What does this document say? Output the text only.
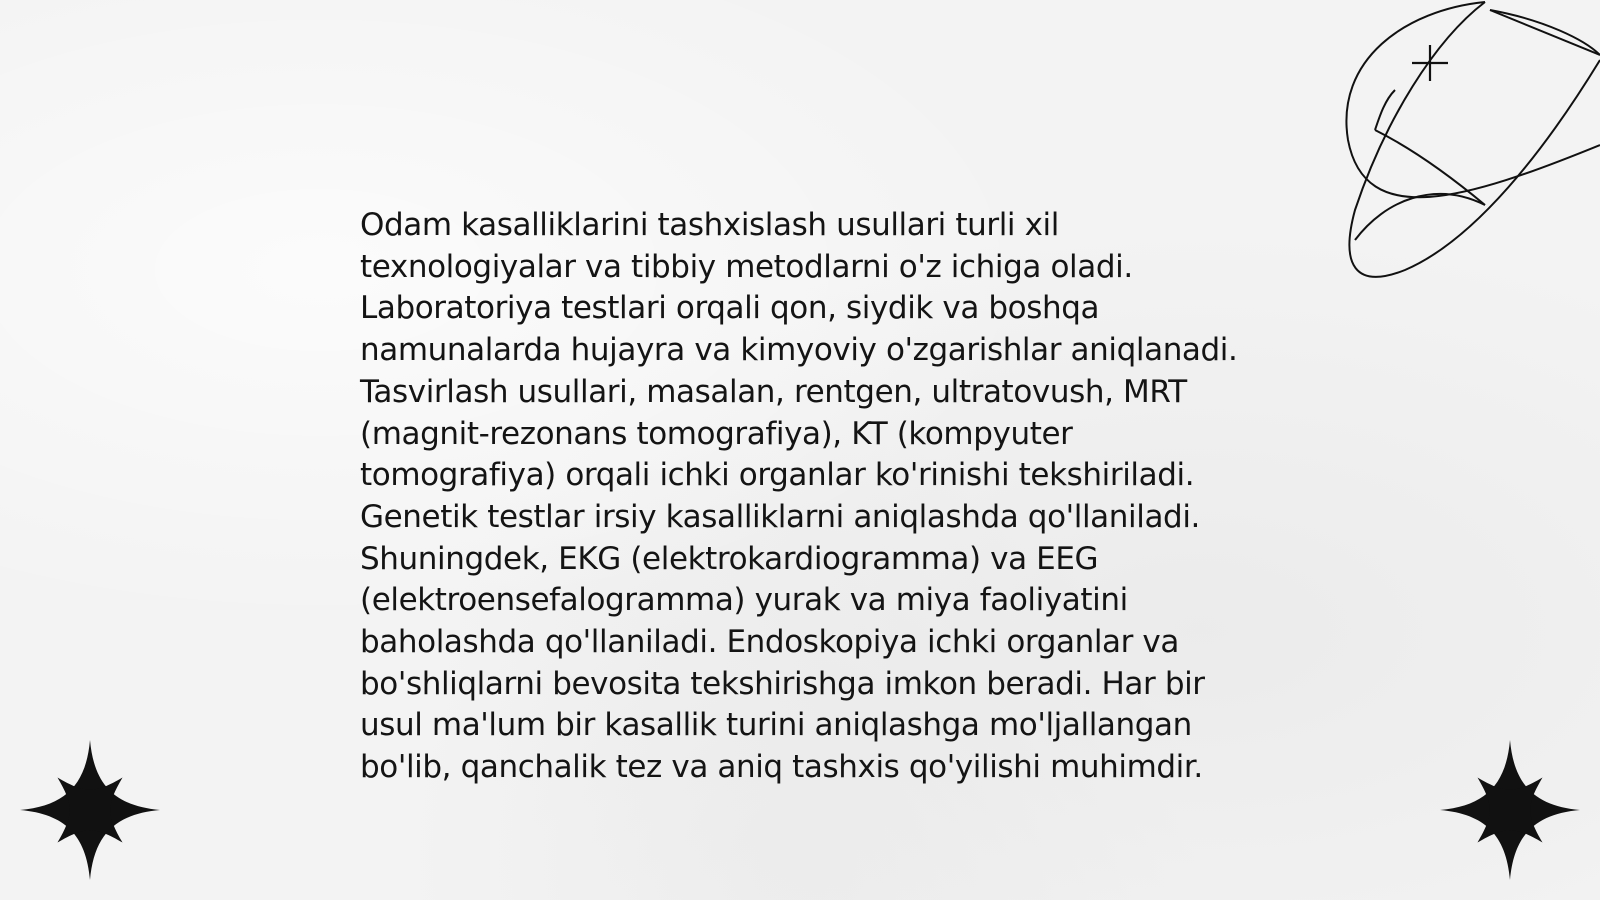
Odam kasalliklarini tashxislash usullari turli xil texnologiyalar va tibbiy metodlarni o'z ichiga oladi. Laboratoriya testlari orqali qon, siydik va boshqa namunalarda hujayra va kimyoviy o'zgarishlar aniqlanadi. Tasvirlash usullari, masalan, rentgen, ultratovush, MRT (magnit-rezonans tomografiya), KT (kompyuter tomografiya) orqali ichki organlar ko'rinishi tekshiriladi. Genetik testlar irsiy kasalliklarni aniqlashda qo'llaniladi. Shuningdek, EKG (elektrokardiogramma) va EEG (elektroensefalogramma) yurak va miya faoliyatini baholashda qo'llaniladi. Endoskopiya ichki organlar va bo'shliqlarni bevosita tekshirishga imkon beradi. Har bir usul ma'lum bir kasallik turini aniqlashga mo'ljallangan bo'lib, qanchalik tez va aniq tashxis qo'yilishi muhimdir.
